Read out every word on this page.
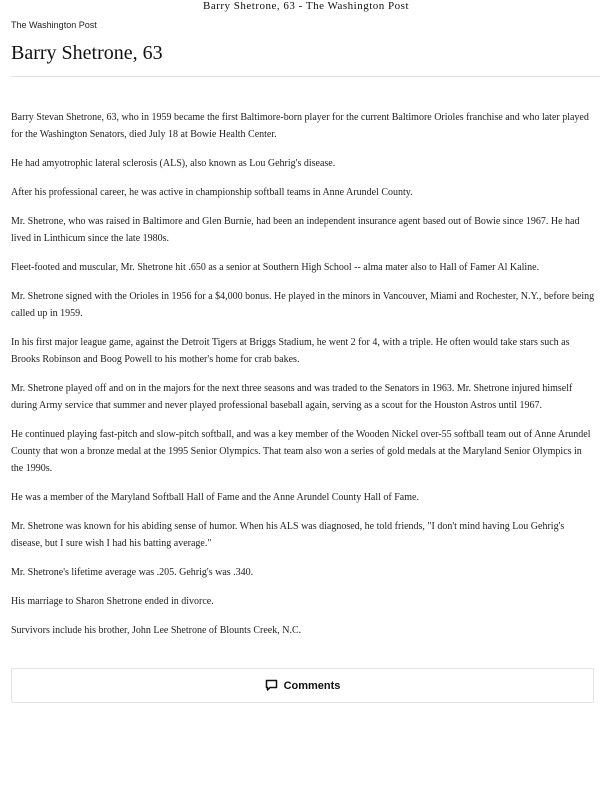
Barry Shetrone, 63 - The Washington Post
The Washington Post
Barry Shetrone, 63

Barry Stevan Shetrone, 63, who in 1959 became the first Baltimore-born player for the current Baltimore Orioles franchise and who later played for the Washington Senators, died July 18 at Bowie Health Center.

He had amyotrophic lateral sclerosis (ALS), also known as Lou Gehrig's disease.

After his professional career, he was active in championship softball teams in Anne Arundel County.

Mr. Shetrone, who was raised in Baltimore and Glen Burnie, had been an independent insurance agent based out of Bowie since 1967. He had lived in Linthicum since the late 1980s.

Fleet-footed and muscular, Mr. Shetrone hit .650 as a senior at Southern High School -- alma mater also to Hall of Famer Al Kaline.

Mr. Shetrone signed with the Orioles in 1956 for a $4,000 bonus. He played in the minors in Vancouver, Miami and Rochester, N.Y., before being called up in 1959.

In his first major league game, against the Detroit Tigers at Briggs Stadium, he went 2 for 4, with a triple. He often would take stars such as Brooks Robinson and Boog Powell to his mother's home for crab bakes.

Mr. Shetrone played off and on in the majors for the next three seasons and was traded to the Senators in 1963. Mr. Shetrone injured himself during Army service that summer and never played professional baseball again, serving as a scout for the Houston Astros until 1967.

He continued playing fast-pitch and slow-pitch softball, and was a key member of the Wooden Nickel over-55 softball team out of Anne Arundel County that won a bronze medal at the 1995 Senior Olympics. That team also won a series of gold medals at the Maryland Senior Olympics in the 1990s.

He was a member of the Maryland Softball Hall of Fame and the Anne Arundel County Hall of Fame.

Mr. Shetrone was known for his abiding sense of humor. When his ALS was diagnosed, he told friends, "I don't mind having Lou Gehrig's disease, but I sure wish I had his batting average."

Mr. Shetrone's lifetime average was .205. Gehrig's was .340.

His marriage to Sharon Shetrone ended in divorce.

Survivors include his brother, John Lee Shetrone of Blounts Creek, N.C.

Comments
